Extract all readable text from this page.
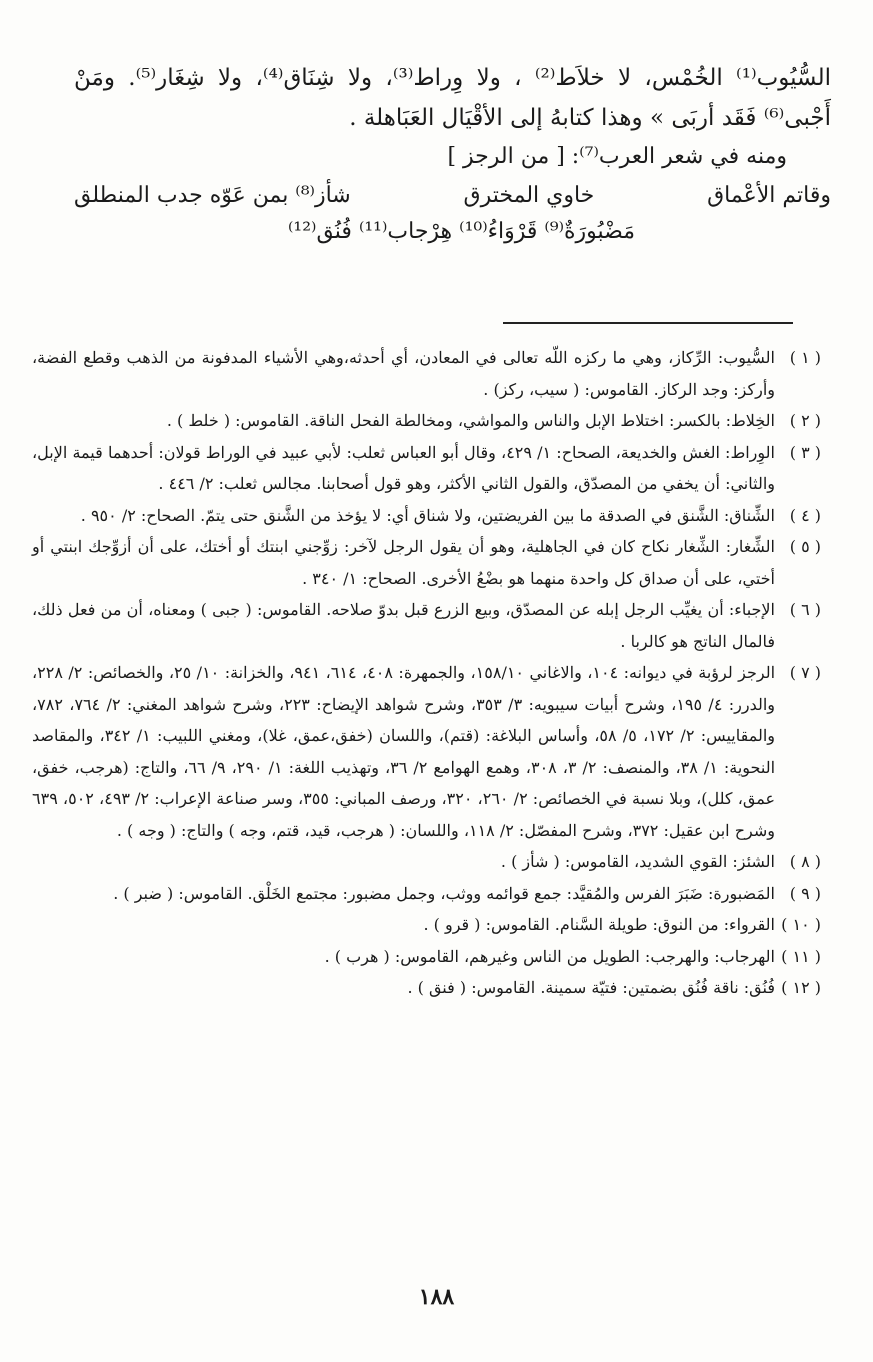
السُّيُوب⁽¹⁾ الخُمْس، لا خلاَط⁽²⁾ ، ولا وِراط⁽³⁾، ولا شِنَاق⁽⁴⁾، ولا شِغَار⁽⁵⁾. ومَنْ

أَجْبى⁽⁶⁾ فَقَد أربَى » وهذا كتابهُ إلى الأقْيَال العَبَاهلة .

ومنه في شعر العرب⁽⁷⁾: [ من الرجز ]

وقاتم الأعْماق
خاوي المخترق
شأز⁽⁸⁾ بمن عَوّه جدب المنطلق

مَضْبُورَةٌ⁽⁹⁾ قَرْوَاءُ⁽¹⁰⁾ هِرْجاب⁽¹¹⁾ فُنُق⁽¹²⁾

( ١ )
السُّيوب: الرِّكاز، وهي ما ركزه اللّه تعالى في المعادن، أي أحدثه،وهي الأشياء المدفونة من الذهب وقطع الفضة، وأركز: وجد الركاز. القاموس: ( سيب، ركز) .
( ٢ )
الخِلاط: بالكسر: اختلاط الإبل والناس والمواشي، ومخالطة الفحل الناقة. القاموس: ( خلط ) .
( ٣ )
الوِراط: الغش والخديعة، الصحاح: ١/ ٤٢٩، وقال أبو العباس ثعلب: لأبي عبيد في الوراط قولان: أحدهما قيمة الإبل، والثاني: أن يخفي من المصدّق، والقول الثاني الأكثر، وهو قول أصحابنا. مجالس ثعلب: ٢/ ٤٤٦ .
( ٤ )
الشِّناق: الشَّنق في الصدقة ما بين الفريضتين، ولا شناق أي: لا يؤخذ من الشَّنق حتى يتمّ. الصحاح: ٢/ ٩٥٠ .
( ٥ )
الشِّغار: الشِّغار نكاح كان في الجاهلية، وهو أن يقول الرجل لآخر: زوِّجني ابنتك أو أختك، على أن أزوِّجك ابنتي أو أختي، على أن صداق كل واحدة منهما هو بضْعُ الأخرى. الصحاح: ١/ ٣٤٠ .
( ٦ )
الإجباء: أن يغيِّب الرجل إبله عن المصدّق، وبيع الزرع قبل بدوّ صلاحه. القاموس: ( جبى ) ومعناه، أن من فعل ذلك، فالمال الناتج هو كالربا .
( ٧ )
الرجز لرؤبة في ديوانه: ١٠٤، والاغاني ١٥٨/١٠، والجمهرة: ٤٠٨، ٦١٤، ٩٤١، والخزانة: ١٠/ ٢٥، والخصائص: ٢/ ٢٢٨، والدرر: ٤/ ١٩٥، وشرح أبيات سيبويه: ٣/ ٣٥٣، وشرح شواهد الإيضاح: ٢٢٣، وشرح شواهد المغني: ٢/ ٧٦٤، ٧٨٢، والمقاييس: ٢/ ١٧٢، ٥/ ٥٨، وأساس البلاغة: (قتم)، واللسان (خفق،عمق، غلا)، ومغني اللبيب: ١/ ٣٤٢، والمقاصد النحوية: ١/ ٣٨، والمنصف: ٢/ ٣، ٣٠٨، وهمع الهوامع ٢/ ٣٦، وتهذيب اللغة: ١/ ٢٩٠، ٩/ ٦٦، والتاج: (هرجب، خفق، عمق، كلل)، وبلا نسبة في الخصائص: ٢/ ٢٦٠، ٣٢٠، ورصف المباني: ٣٥٥، وسر صناعة الإعراب: ٢/ ٤٩٣، ٥٠٢، ٦٣٩ وشرح ابن عقيل: ٣٧٢، وشرح المفصّل: ٢/ ١١٨، واللسان: ( هرجب، قيد، قتم، وجه ) والتاج: ( وجه ) .
( ٨ )
الشئز: القوي الشديد، القاموس: ( شأز ) .
( ٩ )
المَضبورة: ضَبَرَ الفرس والمُقيَّد: جمع قوائمه ووثب، وجمل مضبور: مجتمع الخَلْق. القاموس: ( ضبر ) .
( ١٠ )
القرواء: من النوق: طويلة السَّنام. القاموس: ( قرو ) .
( ١١ )
الهرجاب: والهرجب: الطويل من الناس وغيرهم، القاموس: ( هرب ) .
( ١٢ )
فُنُق: ناقة فُنُق بضمتين: فتيّة سمينة. القاموس: ( فنق ) .
١٨٨
